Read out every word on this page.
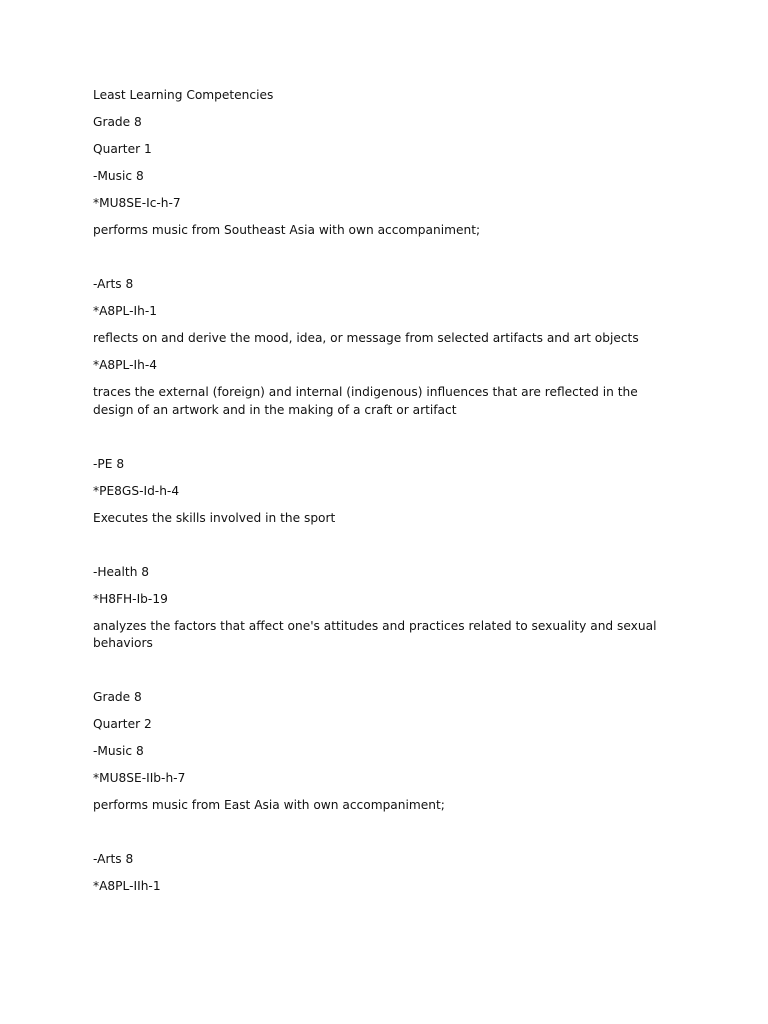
Least Learning Competencies
Grade 8
Quarter 1
-Music 8
*MU8SE-Ic-h-7
performs music from Southeast Asia with own accompaniment;
-Arts 8
*A8PL-Ih-1
reflects on and derive the mood, idea, or message from selected artifacts and art objects
*A8PL-Ih-4
traces the external (foreign) and internal (indigenous) influences that are reflected in the design of an artwork and in the making of a craft or artifact
-PE 8
*PE8GS-Id-h-4
Executes the skills involved in the sport
-Health 8
*H8FH-Ib-19
analyzes the factors that affect one's attitudes and practices related to sexuality and sexual behaviors
Grade 8
Quarter 2
-Music 8
*MU8SE-IIb-h-7
performs music from East Asia with own accompaniment;
-Arts 8
*A8PL-IIh-1
